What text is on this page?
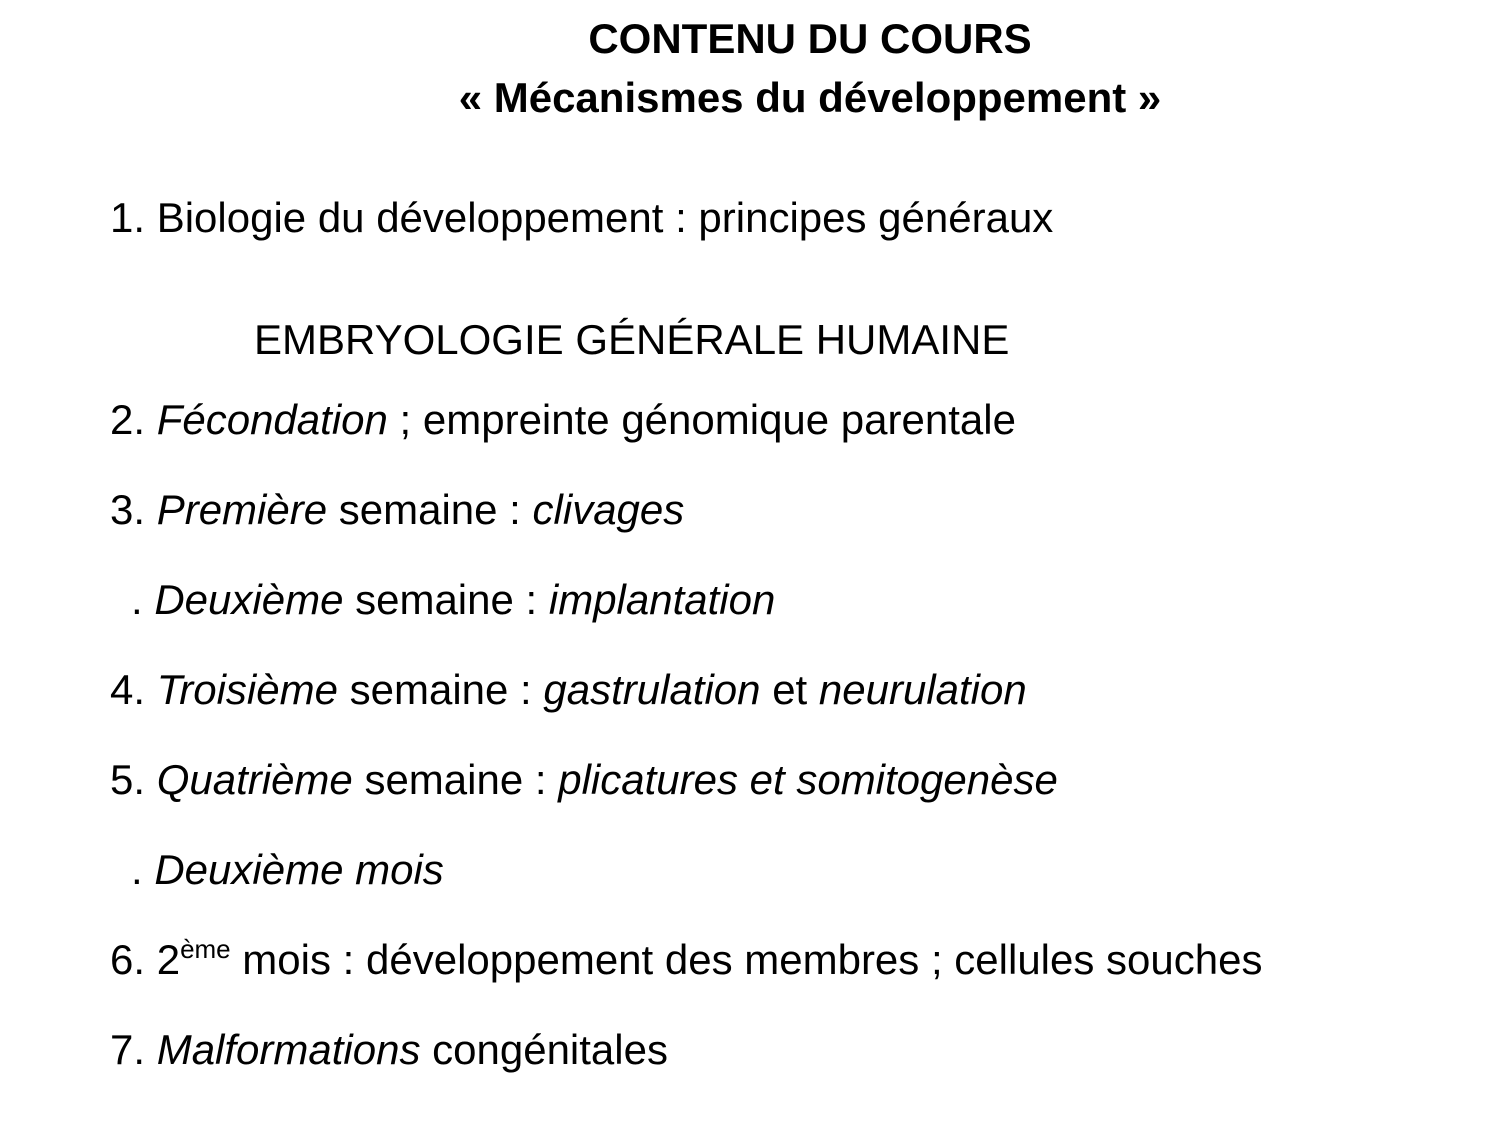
CONTENU DU COURS
« Mécanismes du développement »
1. Biologie du développement : principes généraux
EMBRYOLOGIE GÉNÉRALE HUMAINE
2. Fécondation ; empreinte génomique parentale
3. Première semaine : clivages
. Deuxième semaine : implantation
4. Troisième semaine : gastrulation et neurulation
5. Quatrième semaine : plicatures et somitogenèse
. Deuxième mois
6. 2ème mois : développement des membres ; cellules souches
7. Malformations congénitales
